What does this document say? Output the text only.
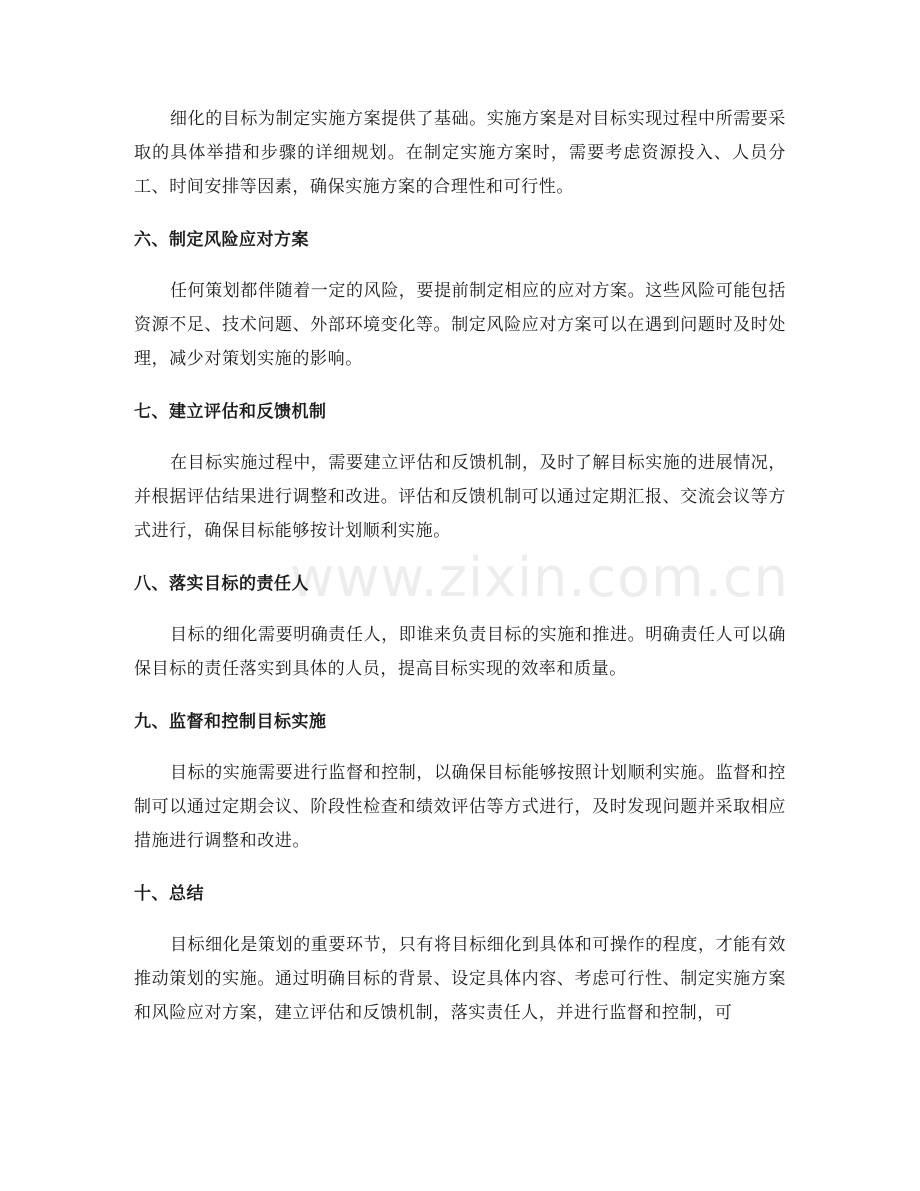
细化的目标为制定实施方案提供了基础。实施方案是对目标实现过程中所需要采取的具体举措和步骤的详细规划。在制定实施方案时，需要考虑资源投入、人员分工、时间安排等因素，确保实施方案的合理性和可行性。

六、制定风险应对方案

任何策划都伴随着一定的风险，要提前制定相应的应对方案。这些风险可能包括资源不足、技术问题、外部环境变化等。制定风险应对方案可以在遇到问题时及时处理，减少对策划实施的影响。

七、建立评估和反馈机制

在目标实施过程中，需要建立评估和反馈机制，及时了解目标实施的进展情况，并根据评估结果进行调整和改进。评估和反馈机制可以通过定期汇报、交流会议等方式进行，确保目标能够按计划顺利实施。

八、落实目标的责任人

目标的细化需要明确责任人，即谁来负责目标的实施和推进。明确责任人可以确保目标的责任落实到具体的人员，提高目标实现的效率和质量。

九、监督和控制目标实施

目标的实施需要进行监督和控制，以确保目标能够按照计划顺利实施。监督和控制可以通过定期会议、阶段性检查和绩效评估等方式进行，及时发现问题并采取相应措施进行调整和改进。

十、总结

目标细化是策划的重要环节，只有将目标细化到具体和可操作的程度，才能有效推动策划的实施。通过明确目标的背景、设定具体内容、考虑可行性、制定实施方案和风险应对方案，建立评估和反馈机制，落实责任人，并进行监督和控制，可

www.zixin.com.cn
